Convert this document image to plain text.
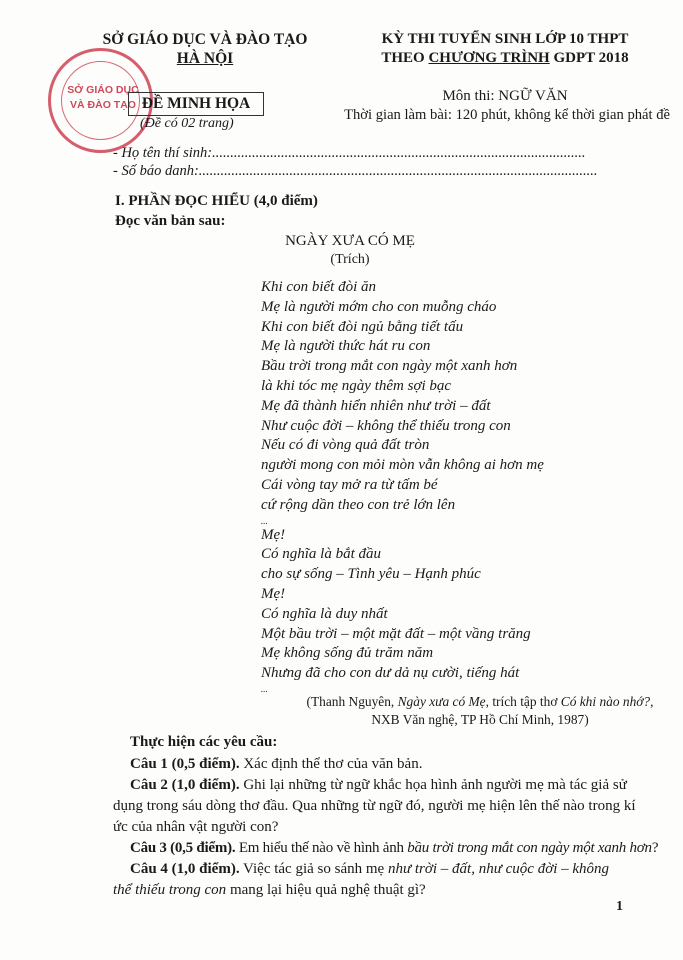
SỞ GIÁO DỤC
VÀ ĐÀO TẠO
SỞ GIÁO DỤC VÀ ĐÀO TẠO
HÀ NỘI
ĐỀ MINH HỌA
(Đề có 02 trang)
KỲ THI TUYỂN SINH LỚP 10 THPT
THEO CHƯƠNG TRÌNH GDPT 2018
Môn thi: NGỮ VĂN
Thời gian làm bài: 120 phút, không kể thời gian phát đề
- Họ tên thí sinh:.......................................................................................................
- Số báo danh:..............................................................................................................
I. PHẦN ĐỌC HIỂU (4,0 điểm)
Đọc văn bản sau:
NGÀY XƯA CÓ MẸ
(Trích)
Khi con biết đòi ăn
Mẹ là người mớm cho con muỗng cháo
Khi con biết đòi ngủ bằng tiết tấu
Mẹ là người thức hát ru con
Bầu trời trong mắt con ngày một xanh hơn
là khi tóc mẹ ngày thêm sợi bạc
Mẹ đã thành hiển nhiên như trời – đất
Như cuộc đời – không thể thiếu trong con
Nếu có đi vòng quả đất tròn
người mong con mỏi mòn vẫn không ai hơn mẹ
Cái vòng tay mở ra từ tấm bé
cứ rộng dần theo con trẻ lớn lên
...
Mẹ!
Có nghĩa là bắt đầu
cho sự sống – Tình yêu – Hạnh phúc
Mẹ!
Có nghĩa là duy nhất
Một bầu trời – một mặt đất – một vầng trăng
Mẹ không sống đủ trăm năm
Nhưng đã cho con dư dả nụ cười, tiếng hát
...
(Thanh Nguyên, Ngày xưa có Mẹ, trích tập thơ Có khi nào nhớ?,
NXB Văn nghệ, TP Hồ Chí Minh, 1987)
Thực hiện các yêu cầu:
Câu 1 (0,5 điểm). Xác định thể thơ của văn bản.
Câu 2 (1,0 điểm). Ghi lại những từ ngữ khắc họa hình ảnh người mẹ mà tác giả sử
dụng trong sáu dòng thơ đầu. Qua những từ ngữ đó, người mẹ hiện lên thế nào trong kí
ức của nhân vật người con?
Câu 3 (0,5 điểm). Em hiểu thế nào về hình ảnh bầu trời trong mắt con ngày một xanh hơn?
Câu 4 (1,0 điểm). Việc tác giả so sánh mẹ như trời – đất, như cuộc đời – không
thể thiếu trong con mang lại hiệu quả nghệ thuật gì?
1
